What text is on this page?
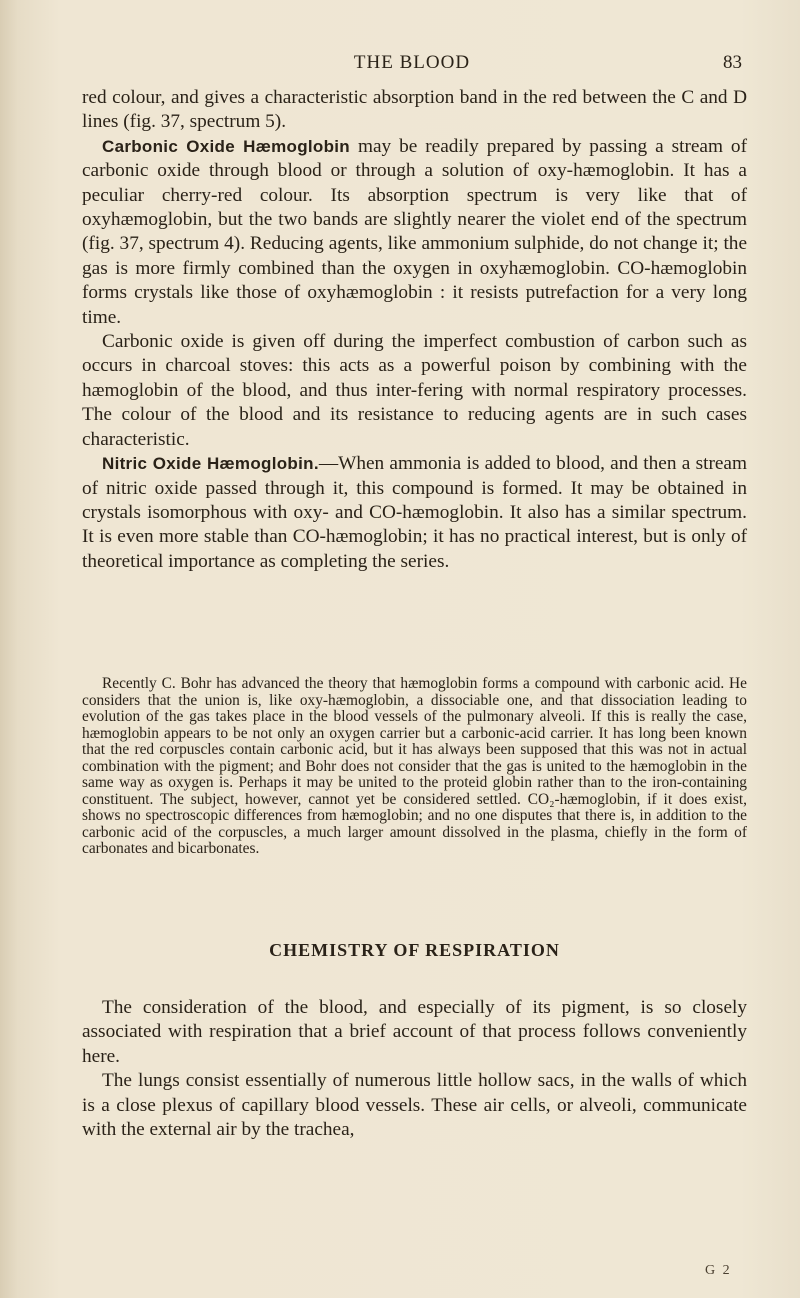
THE BLOOD	83

red colour, and gives a characteristic absorption band in the red between the C and D lines (fig. 37, spectrum 5).

Carbonic Oxide Hæmoglobin may be readily prepared by passing a stream of carbonic oxide through blood or through a solution of oxy-hæmoglobin. It has a peculiar cherry-red colour. Its absorption spectrum is very like that of oxyhæmoglobin, but the two bands are slightly nearer the violet end of the spectrum (fig. 37, spectrum 4). Reducing agents, like ammonium sulphide, do not change it; the gas is more firmly combined than the oxygen in oxyhæmoglobin. CO-hæmoglobin forms crystals like those of oxyhæmoglobin : it resists putrefaction for a very long time.

Carbonic oxide is given off during the imperfect combustion of carbon such as occurs in charcoal stoves: this acts as a powerful poison by combining with the hæmoglobin of the blood, and thus inter-fering with normal respiratory processes. The colour of the blood and its resistance to reducing agents are in such cases characteristic.

Nitric Oxide Hæmoglobin.—When ammonia is added to blood, and then a stream of nitric oxide passed through it, this compound is formed. It may be obtained in crystals isomorphous with oxy- and CO-hæmoglobin. It also has a similar spectrum. It is even more stable than CO-hæmoglobin; it has no practical interest, but is only of theoretical importance as completing the series.

Recently C. Bohr has advanced the theory that hæmoglobin forms a compound with carbonic acid. He considers that the union is, like oxy-hæmoglobin, a dissociable one, and that dissociation leading to evolution of the gas takes place in the blood vessels of the pulmonary alveoli. If this is really the case, hæmoglobin appears to be not only an oxygen carrier but a carbonic-acid carrier. It has long been known that the red corpuscles contain carbonic acid, but it has always been supposed that this was not in actual combination with the pigment; and Bohr does not consider that the gas is united to the hæmoglobin in the same way as oxygen is. Perhaps it may be united to the proteid globin rather than to the iron-containing constituent. The subject, however, cannot yet be considered settled. CO₂-hæmoglobin, if it does exist, shows no spectroscopic differences from hæmoglobin; and no one disputes that there is, in addition to the carbonic acid of the corpuscles, a much larger amount dissolved in the plasma, chiefly in the form of carbonates and bicarbonates.

CHEMISTRY OF RESPIRATION

The consideration of the blood, and especially of its pigment, is so closely associated with respiration that a brief account of that process follows conveniently here.

The lungs consist essentially of numerous little hollow sacs, in the walls of which is a close plexus of capillary blood vessels. These air cells, or alveoli, communicate with the external air by the trachea,

G 2
